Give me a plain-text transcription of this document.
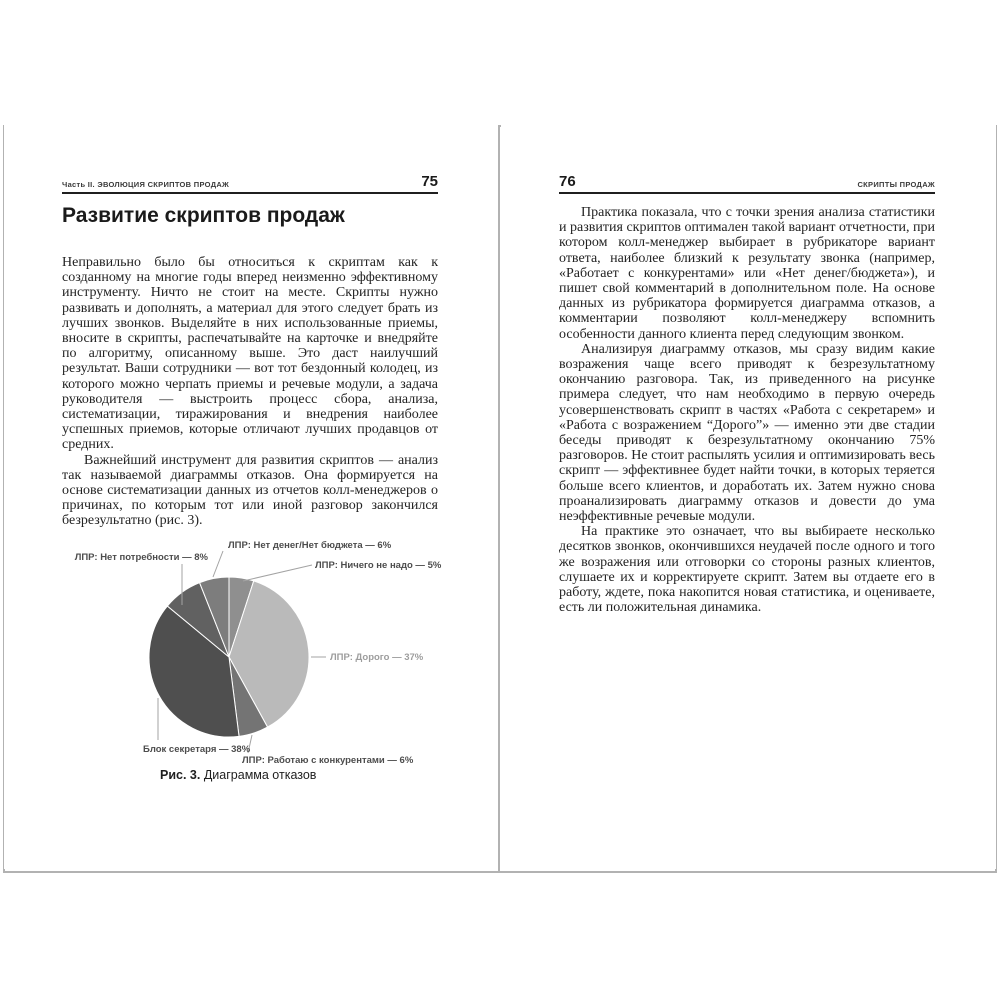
Часть II. ЭВОЛЮЦИЯ СКРИПТОВ ПРОДАЖ	75
Развитие скриптов продаж

Неправильно было бы относиться к скриптам как к созданному на многие годы вперед неизменно эффективному инструменту. Ничто не стоит на месте. Скрипты нужно развивать и дополнять, а материал для этого следует брать из лучших звонков. Выделяйте в них использованные приемы, вносите в скрипты, распечатывайте на карточке и внедряйте по алгоритму, описанному выше. Это даст наилучший результат. Ваши сотрудники — вот тот бездонный колодец, из которого можно черпать приемы и речевые модули, а задача руководителя — выстроить процесс сбора, анализа, систематизации, тиражирования и внедрения наиболее успешных приемов, которые отличают лучших продавцов от средних.

Важнейший инструмент для развития скриптов — анализ так называемой диаграммы отказов. Она формируется на основе систематизации данных из отчетов колл-менеджеров о причинах, по которым тот или иной разговор закончился безрезультатно (рис. 3).

ЛПР: Ничего не надо — 5%
ЛПР: Дорого — 37%
ЛПР: Работаю с конкурентами — 6%
Блок секретаря — 38%
ЛПР: Нет потребности — 8%
ЛПР: Нет денег/Нет бюджета — 6%
Рис. 3. Диаграмма отказов
76	СКРИПТЫ ПРОДАЖ

Практика показала, что с точки зрения анализа статистики и развития скриптов оптимален такой вариант отчетности, при котором колл-менеджер выбирает в рубрикаторе вариант ответа, наиболее близкий к результату звонка (например, «Работает с конкурентами» или «Нет денег/бюджета»), и пишет свой комментарий в дополнительном поле. На основе данных из рубрикатора формируется диаграмма отказов, а комментарии позволяют колл-менеджеру вспомнить особенности данного клиента перед следующим звонком.

Анализируя диаграмму отказов, мы сразу видим какие возражения чаще всего приводят к безрезультатному окончанию разговора. Так, из приведенного на рисунке примера следует, что нам необходимо в первую очередь усовершенствовать скрипт в частях «Работа с секретарем» и «Работа с возражением “Дорого”» — именно эти две стадии беседы приводят к безрезультатному окончанию 75% разговоров. Не стоит распылять усилия и оптимизировать весь скрипт — эффективнее будет найти точки, в которых теряется больше всего клиентов, и доработать их. Затем нужно снова проанализировать диаграмму отказов и довести до ума неэффективные речевые модули.

На практике это означает, что вы выбираете несколько десятков звонков, окончившихся неудачей после одного и того же возражения или отговорки со стороны разных клиентов, слушаете их и корректируете скрипт. Затем вы отдаете его в работу, ждете, пока накопится новая статистика, и оцениваете, есть ли положительная динамика.
